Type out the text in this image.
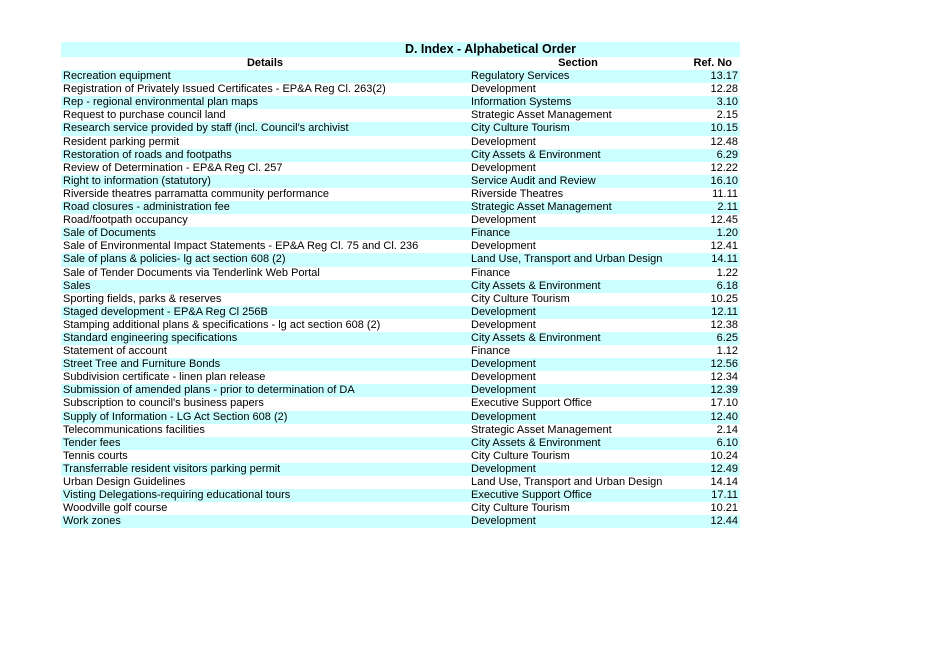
D. Index - Alphabetical Order
Details	Section	Ref. No
Recreation equipment	Regulatory Services	13.17
Registration of Privately Issued Certificates - EP&A Reg Cl. 263(2)	Development	12.28
Rep - regional environmental plan maps	Information Systems	3.10
Request to purchase council land	Strategic Asset Management	2.15
Research service provided by staff (incl. Council's archivist	City Culture Tourism	10.15
Resident parking permit	Development	12.48
Restoration of roads and footpaths	City Assets & Environment	6.29
Review of Determination - EP&A Reg Cl. 257	Development	12.22
Right to information (statutory)	Service Audit and Review	16.10
Riverside theatres parramatta community performance	Riverside Theatres	11.11
Road closures - administration fee	Strategic Asset Management	2.11
Road/footpath occupancy	Development	12.45
Sale of Documents	Finance	1.20
Sale of Environmental Impact Statements - EP&A Reg Cl. 75 and Cl. 236	Development	12.41
Sale of plans & policies- lg act section 608 (2)	Land Use, Transport and Urban Design	14.11
Sale of Tender Documents via Tenderlink Web Portal	Finance	1.22
Sales	City Assets & Environment	6.18
Sporting fields, parks & reserves	City Culture Tourism	10.25
Staged development - EP&A Reg Cl 256B	Development	12.11
Stamping additional plans & specifications - lg act section 608 (2)	Development	12.38
Standard engineering specifications	City Assets & Environment	6.25
Statement of account	Finance	1.12
Street Tree and Furniture Bonds	Development	12.56
Subdivision certificate - linen plan release	Development	12.34
Submission of amended plans - prior to determination of DA	Development	12.39
Subscription to council's business papers	Executive Support Office	17.10
Supply of Information - LG Act Section 608 (2)	Development	12.40
Telecommunications facilities	Strategic Asset Management	2.14
Tender fees	City Assets & Environment	6.10
Tennis courts	City Culture Tourism	10.24
Transferrable resident visitors parking permit	Development	12.49
Urban Design Guidelines	Land Use, Transport and Urban Design	14.14
Visting Delegations-requiring educational tours	Executive Support Office	17.11
Woodville golf course	City Culture Tourism	10.21
Work zones	Development	12.44
